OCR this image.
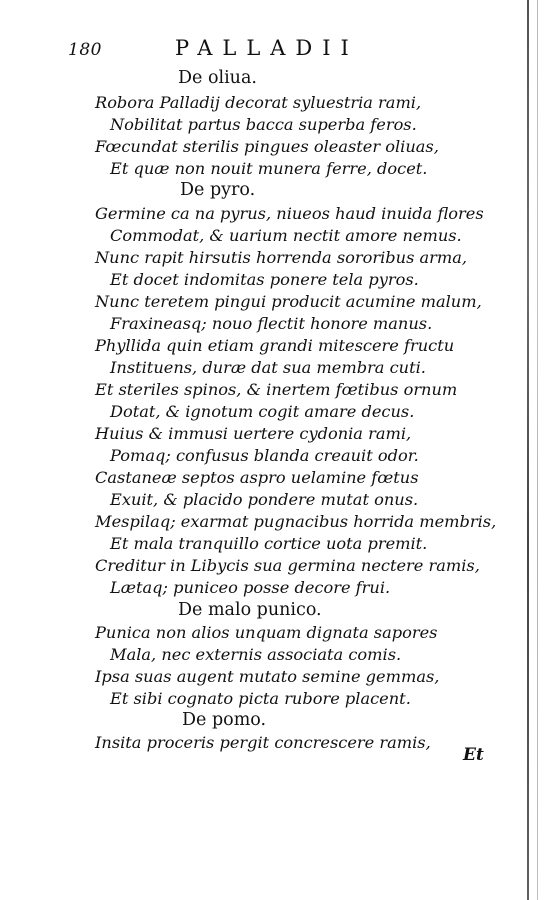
180	PALLADII
De oliua.
Robora Palladij decorat syluestria rami,
Nobilitat partus bacca superba feros.
Fœcundat sterilis pingues oleaster oliuas,
Et quæ non nouit munera ferre, docet.
De pyro.
Germine ca na pyrus, niueos haud inuida flores
Commodat, & uarium nectit amore nemus.
Nunc rapit hirsutis horrenda sororibus arma,
Et docet indomitas ponere tela pyros.
Nunc teretem pingui producit acumine malum,
Fraxineasq; nouo flectit honore manus.
Phyllida quin etiam grandi mitescere fructu
Instituens, duræ dat sua membra cuti.
Et steriles spinos, & inertem fœtibus ornum
Dotat, & ignotum cogit amare decus.
Huius & immusi uertere cydonia rami,
Pomaq; confusus blanda creauit odor.
Castaneæ septos aspro uelamine fœtus
Exuit, & placido pondere mutat onus.
Mespilaq; exarmat pugnacibus horrida membris,
Et mala tranquillo cortice uota premit.
Creditur in Libycis sua germina nectere ramis,
Lætaq; puniceo posse decore frui.
De malo punico.
Punica non alios unquam dignata sapores
Mala, nec externis associata comis.
Ipsa suas augent mutato semine gemmas,
Et sibi cognato picta rubore placent.
De pomo.
Insita proceris pergit concrescere ramis,
Et
